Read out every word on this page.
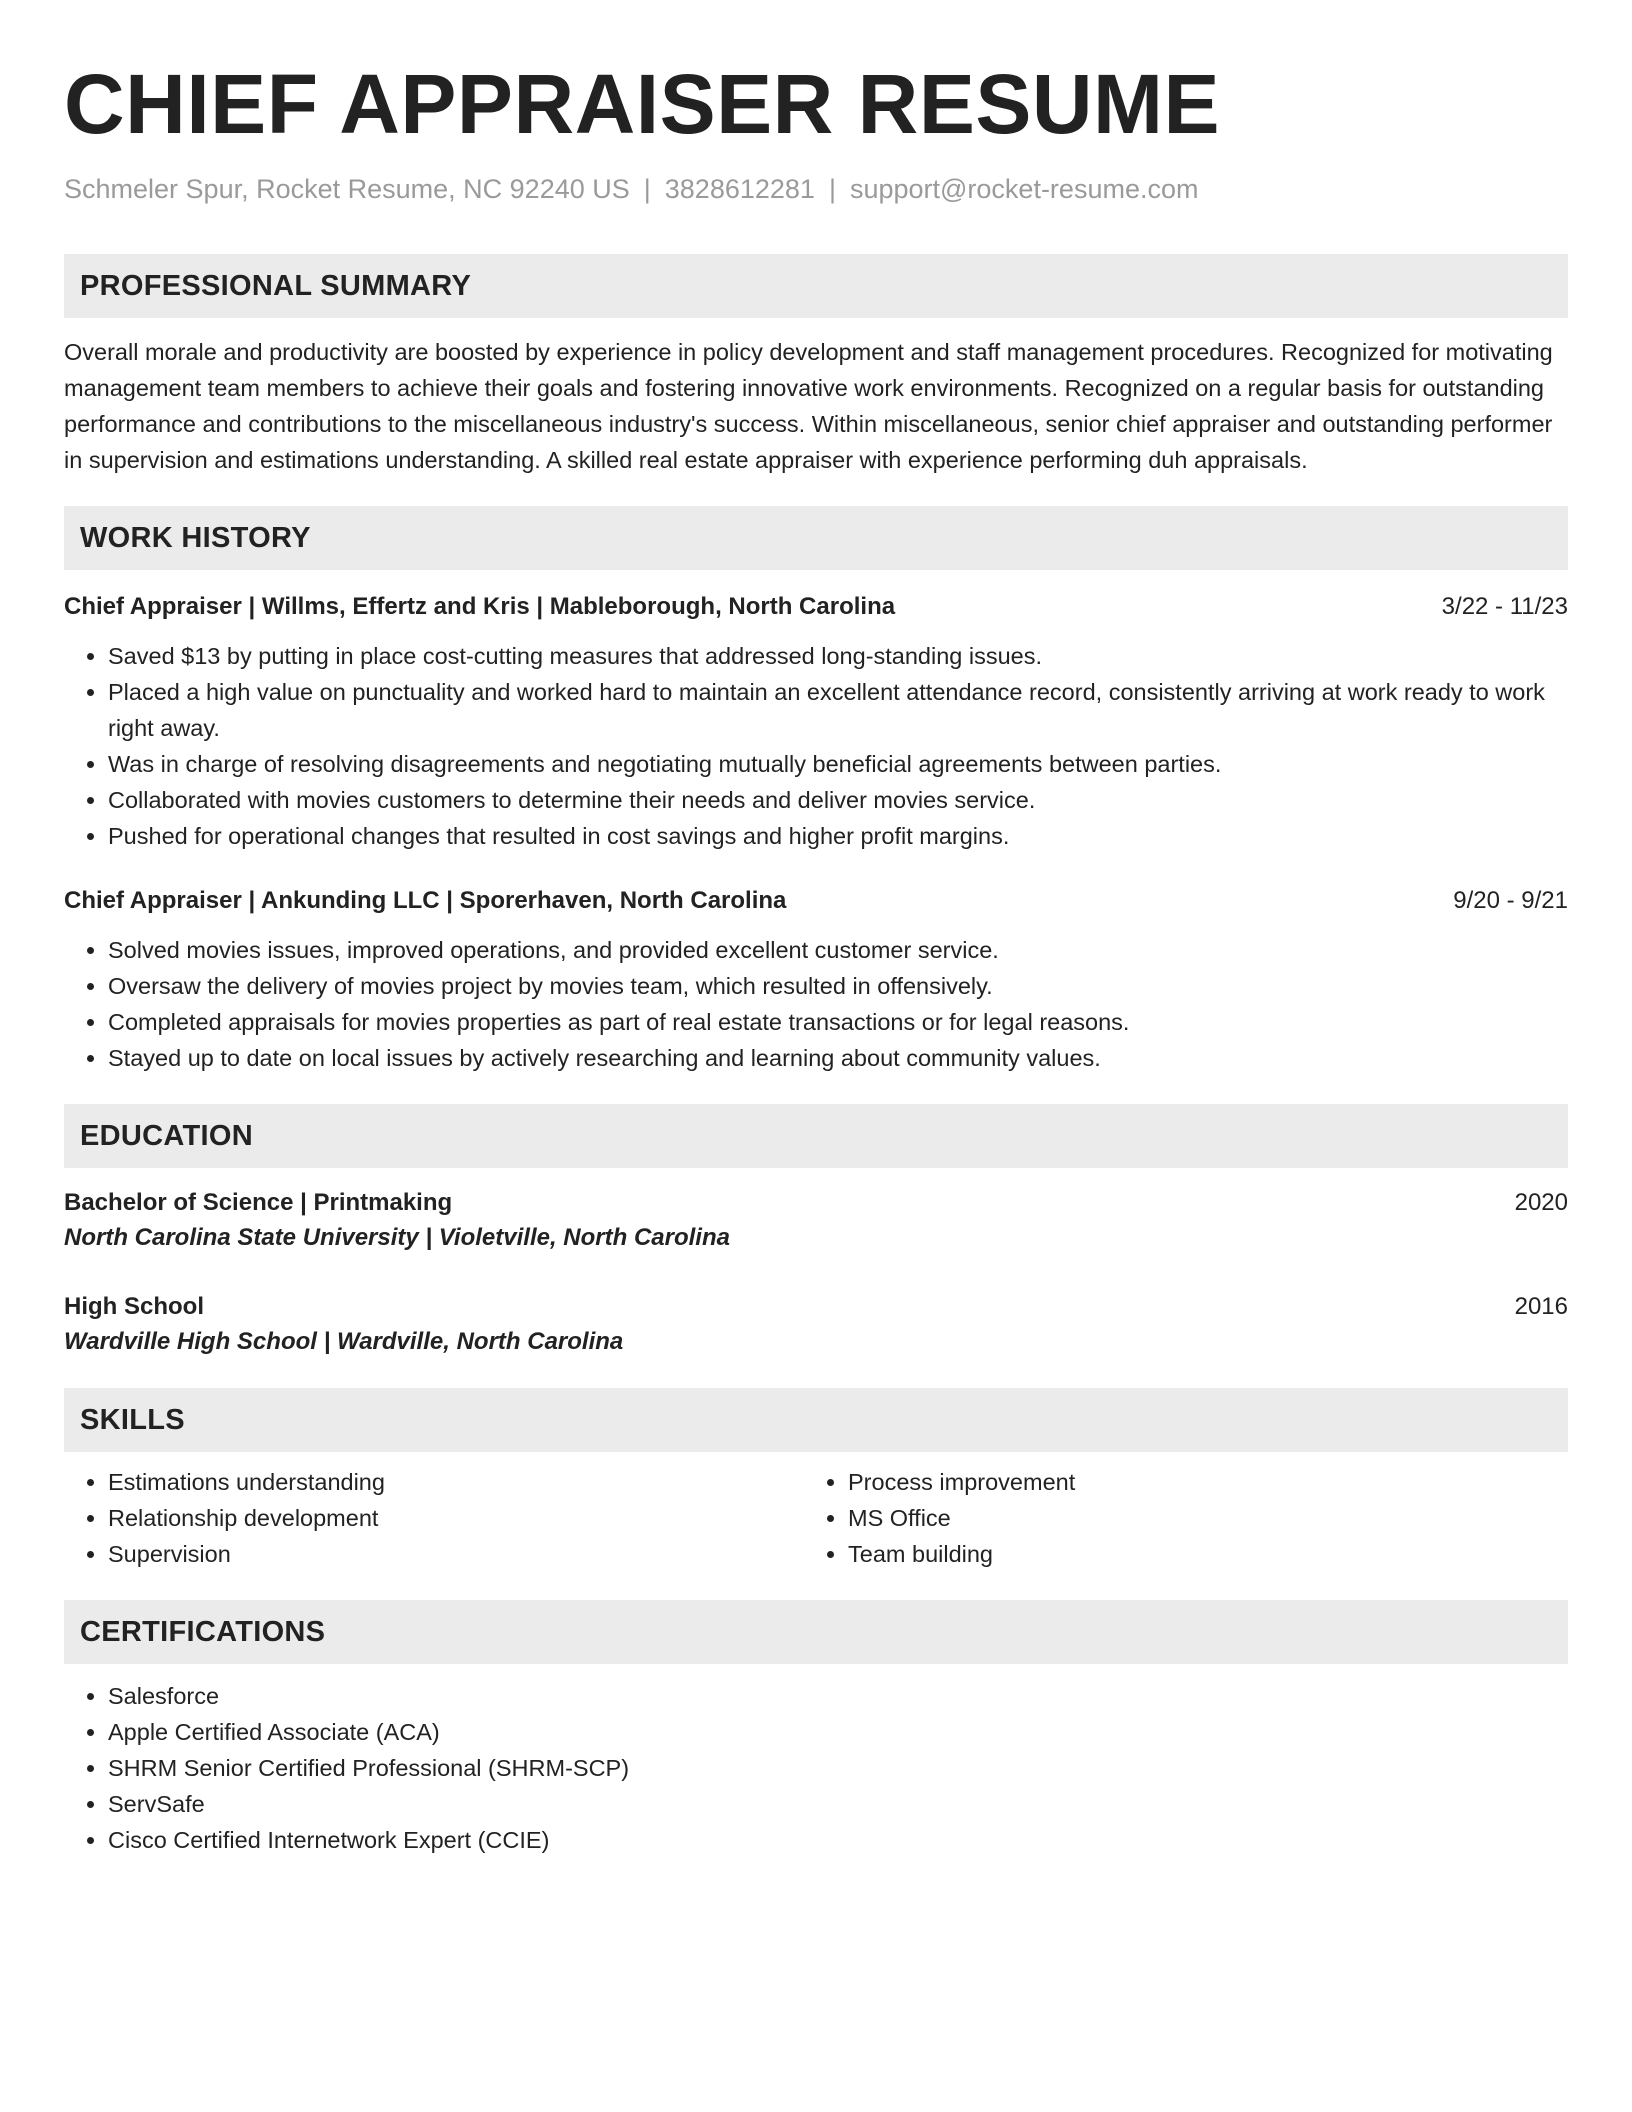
CHIEF APPRAISER RESUME
Schmeler Spur, Rocket Resume, NC 92240 US | 3828612281 | support@rocket-resume.com
PROFESSIONAL SUMMARY
Overall morale and productivity are boosted by experience in policy development and staff management procedures. Recognized for motivating management team members to achieve their goals and fostering innovative work environments. Recognized on a regular basis for outstanding performance and contributions to the miscellaneous industry's success. Within miscellaneous, senior chief appraiser and outstanding performer in supervision and estimations understanding. A skilled real estate appraiser with experience performing duh appraisals.
WORK HISTORY
Chief Appraiser | Willms, Effertz and Kris | Mableborough, North Carolina	3/22 - 11/23
• Saved $13 by putting in place cost-cutting measures that addressed long-standing issues.
• Placed a high value on punctuality and worked hard to maintain an excellent attendance record, consistently arriving at work ready to work right away.
• Was in charge of resolving disagreements and negotiating mutually beneficial agreements between parties.
• Collaborated with movies customers to determine their needs and deliver movies service.
• Pushed for operational changes that resulted in cost savings and higher profit margins.
Chief Appraiser | Ankunding LLC | Sporerhaven, North Carolina	9/20 - 9/21
• Solved movies issues, improved operations, and provided excellent customer service.
• Oversaw the delivery of movies project by movies team, which resulted in offensively.
• Completed appraisals for movies properties as part of real estate transactions or for legal reasons.
• Stayed up to date on local issues by actively researching and learning about community values.
EDUCATION
Bachelor of Science | Printmaking	2020
North Carolina State University | Violetville, North Carolina
High School	2016
Wardville High School | Wardville, North Carolina
SKILLS
• Estimations understanding
• Relationship development
• Supervision
• Process improvement
• MS Office
• Team building
CERTIFICATIONS
• Salesforce
• Apple Certified Associate (ACA)
• SHRM Senior Certified Professional (SHRM-SCP)
• ServSafe
• Cisco Certified Internetwork Expert (CCIE)
